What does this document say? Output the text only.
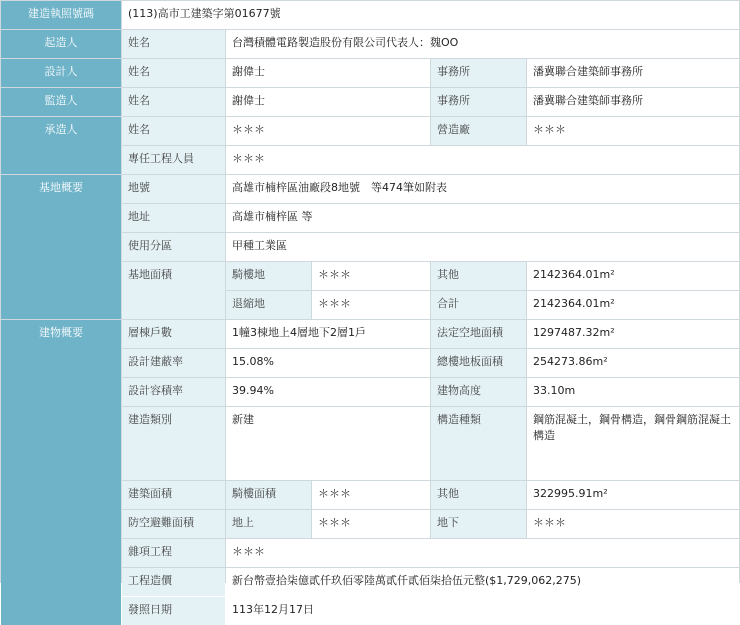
建造執照號碼	(113)高市工建築字第01677號
起造人	姓名	台灣積體電路製造股份有限公司代表人：魏OO
設計人	姓名	謝偉士	事務所	潘冀聯合建築師事務所
監造人	姓名	謝偉士	事務所	潘冀聯合建築師事務所
承造人	姓名	＊＊＊	營造廠	＊＊＊
專任工程人員	＊＊＊
基地概要	地號	高雄市楠梓區油廠段8地號　等474筆如附表
地址	高雄市楠梓區 等
使用分區	甲種工業區
基地面積	騎樓地	＊＊＊	其他	2142364.01m²
退縮地	＊＊＊	合計	2142364.01m²
建物概要	層棟戶數	1幢3棟地上4層地下2層1戶	法定空地面積	1297487.32m²
設計建蔽率	15.08%	總樓地板面積	254273.86m²
設計容積率	39.94%	建物高度	33.10m
建造類別	新建	構造種類	鋼筋混凝土，鋼骨構造，鋼骨鋼筋混凝土構造
建築面積	騎樓面積	＊＊＊	其他	322995.91m²
防空避難面積	地上	＊＊＊	地下	＊＊＊
雜項工程	＊＊＊
工程造價	新台幣壹拾柒億貳仟玖佰零陸萬貳仟貳佰柒拾伍元整($1,729,062,275)
發照日期	113年12月17日
